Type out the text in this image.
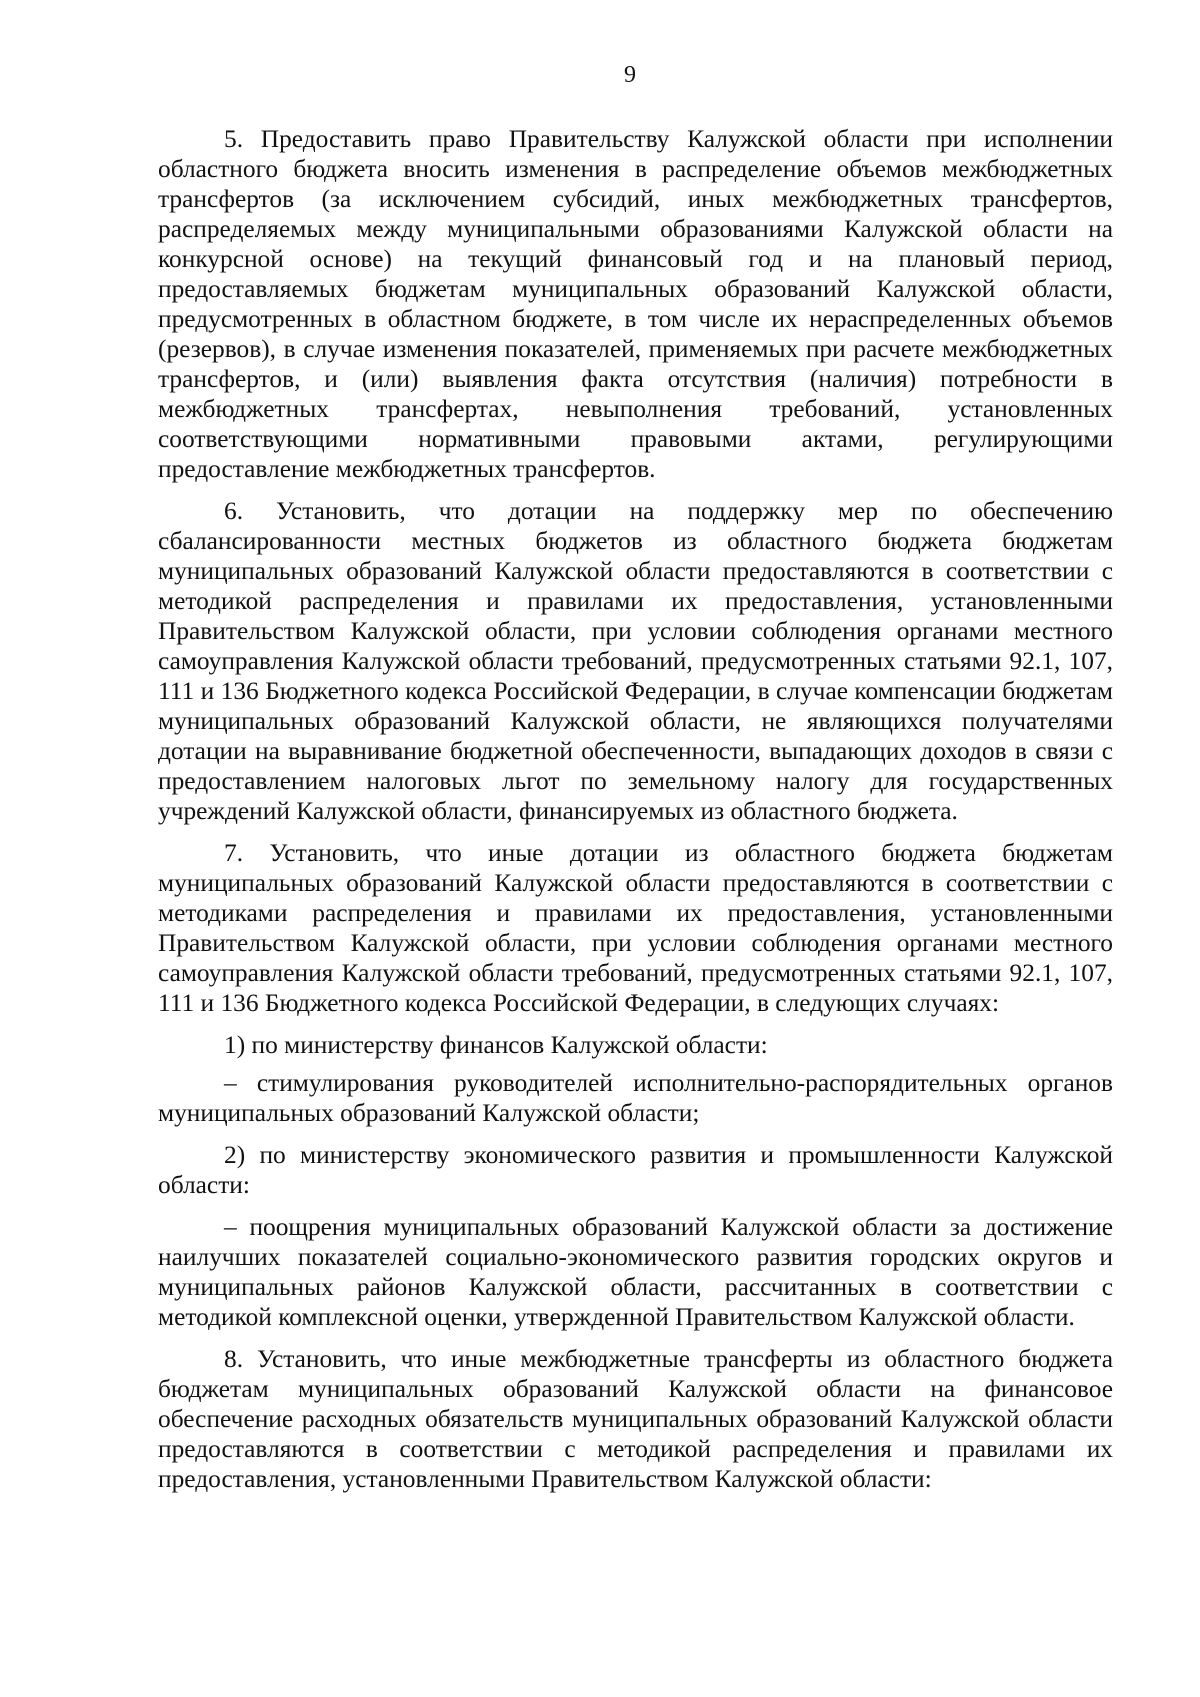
9

5. Предоставить право Правительству Калужской области при исполнении областного бюджета вносить изменения в распределение объемов межбюджетных трансфертов (за исключением субсидий, иных межбюджетных трансфертов, распределяемых между муниципальными образованиями Калужской области на конкурсной основе) на текущий финансовый год и на плановый период, предоставляемых бюджетам муниципальных образований Калужской области, предусмотренных в областном бюджете, в том числе их нераспределенных объемов (резервов), в случае изменения показателей, применяемых при расчете межбюджетных трансфертов, и (или) выявления факта отсутствия (наличия) потребности в межбюджетных трансфертах, невыполнения требований, установленных соответствующими нормативными правовыми актами, регулирующими предоставление межбюджетных трансфертов.

6. Установить, что дотации на поддержку мер по обеспечению сбалансированности местных бюджетов из областного бюджета бюджетам муниципальных образований Калужской области предоставляются в соответствии с методикой распределения и правилами их предоставления, установленными Правительством Калужской области, при условии соблюдения органами местного самоуправления Калужской области требований, предусмотренных статьями 92.1, 107, 111 и 136 Бюджетного кодекса Российской Федерации, в случае компенсации бюджетам муниципальных образований Калужской области, не являющихся получателями дотации на выравнивание бюджетной обеспеченности, выпадающих доходов в связи с предоставлением налоговых льгот по земельному налогу для государственных учреждений Калужской области, финансируемых из областного бюджета.

7. Установить, что иные дотации из областного бюджета бюджетам муниципальных образований Калужской области предоставляются в соответствии с методиками распределения и правилами их предоставления, установленными Правительством Калужской области, при условии соблюдения органами местного самоуправления Калужской области требований, предусмотренных статьями 92.1, 107, 111 и 136 Бюджетного кодекса Российской Федерации, в следующих случаях:

1) по министерству финансов Калужской области:

– стимулирования руководителей исполнительно-распорядительных органов муниципальных образований Калужской области;

2) по министерству экономического развития и промышленности Калужской области:

– поощрения муниципальных образований Калужской области за достижение наилучших показателей социально-экономического развития городских округов и муниципальных районов Калужской области, рассчитанных в соответствии с методикой комплексной оценки, утвержденной Правительством Калужской области.

8. Установить, что иные межбюджетные трансферты из областного бюджета бюджетам муниципальных образований Калужской области на финансовое обеспечение расходных обязательств муниципальных образований Калужской области предоставляются в соответствии с методикой распределения и правилами их предоставления, установленными Правительством Калужской области:
